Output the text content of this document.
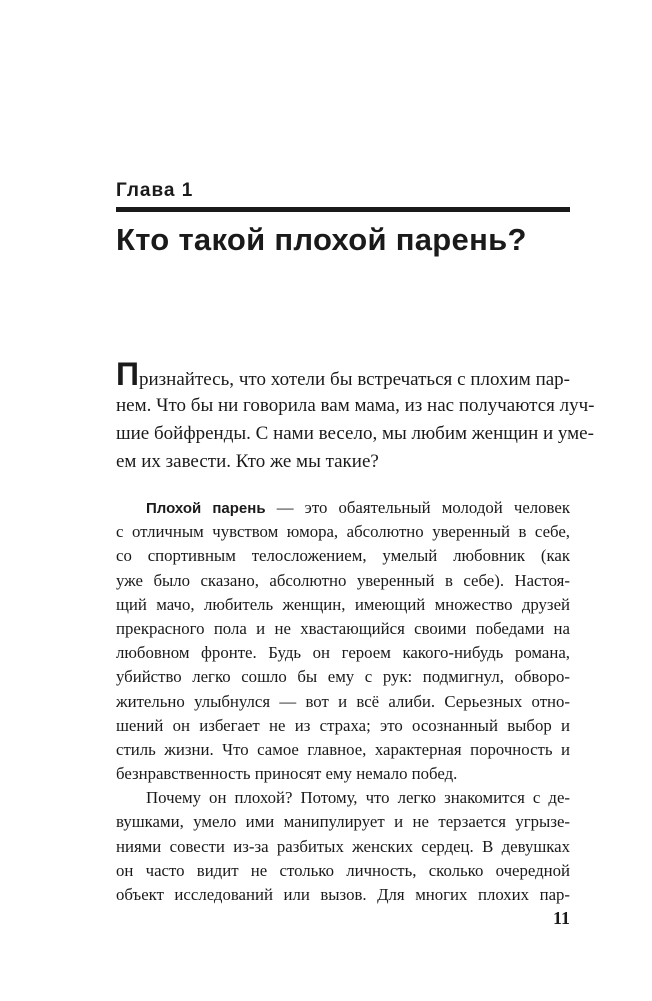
Глава 1
Кто такой плохой парень?
Признайтесь, что хотели бы встречаться с плохим пар-
нем. Что бы ни говорила вам мама, из нас получаются луч-
шие бойфренды. С нами весело, мы любим женщин и уме-
ем их завести. Кто же мы такие?
Плохой парень — это обаятельный молодой человек
с отличным чувством юмора, абсолютно уверенный в себе,
со спортивным телосложением, умелый любовник (как
уже было сказано, абсолютно уверенный в себе). Настоя-
щий мачо, любитель женщин, имеющий множество друзей
прекрасного пола и не хвастающийся своими победами на
любовном фронте. Будь он героем какого-нибудь романа,
убийство легко сошло бы ему с рук: подмигнул, обворо-
жительно улыбнулся — вот и всё алиби. Серьезных отно-
шений он избегает не из страха; это осознанный выбор и
стиль жизни. Что самое главное, характерная порочность и
безнравственность приносят ему немало побед.
Почему он плохой? Потому, что легко знакомится с де-
вушками, умело ими манипулирует и не терзается угрызе-
ниями совести из-за разбитых женских сердец. В девушках
он часто видит не столько личность, сколько очередной
объект исследований или вызов. Для многих плохих пар-

11
